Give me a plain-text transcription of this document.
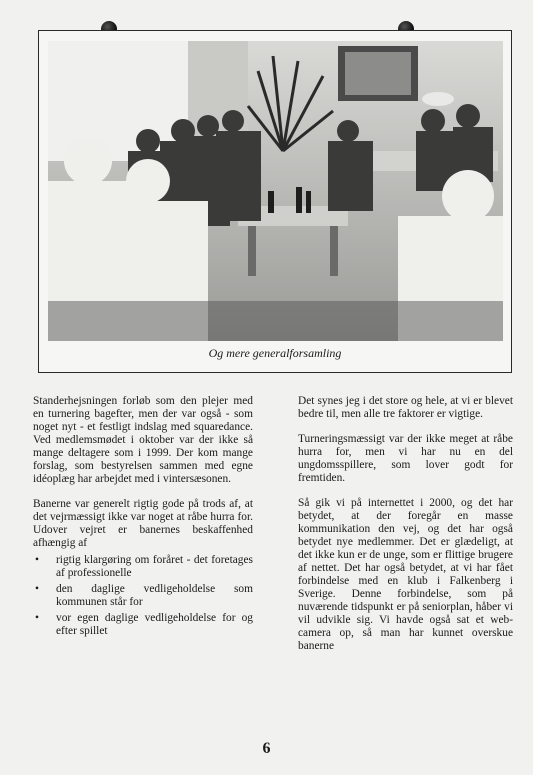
Og mere generalforsamling

Standerhejsningen forløb som den plejer med en turnering bagefter, men der var også - som noget nyt - et festligt indslag med squaredance. Ved medlemsmødet i oktober var der ikke så mange deltagere som i 1999. Der kom mange forslag, som bestyrelsen sammen med egne idéoplæg har arbejdet med i vintersæsonen.

Banerne var generelt rigtig gode på trods af, at det vejrmæssigt ikke var noget at råbe hurra for. Udover vejret er banernes beskaffenhed afhængig af

• rigtig klargøring om foråret - det foretages af professionelle
• den daglige vedligeholdelse som kommunen står for
• vor egen daglige vedligeholdelse for og efter spillet

Det synes jeg i det store og hele, at vi er blevet bedre til, men alle tre faktorer er vigtige.

Turneringsmæssigt var der ikke meget at råbe hurra for, men vi har nu en del ungdomsspillere, som lover godt for fremtiden.

Så gik vi på internettet i 2000, og det har betydet, at der foregår en masse kommunikation den vej, og det har også betydet nye medlemmer. Det er glædeligt, at det ikke kun er de unge, som er flittige brugere af nettet. Det har også betydet, at vi har fået forbindelse med en klub i Falkenberg i Sverige. Denne forbindelse, som på nuværende tidspunkt er på seniorplan, håber vi vil udvikle sig. Vi havde også sat et web-camera op, så man har kunnet overskue banerne

6
